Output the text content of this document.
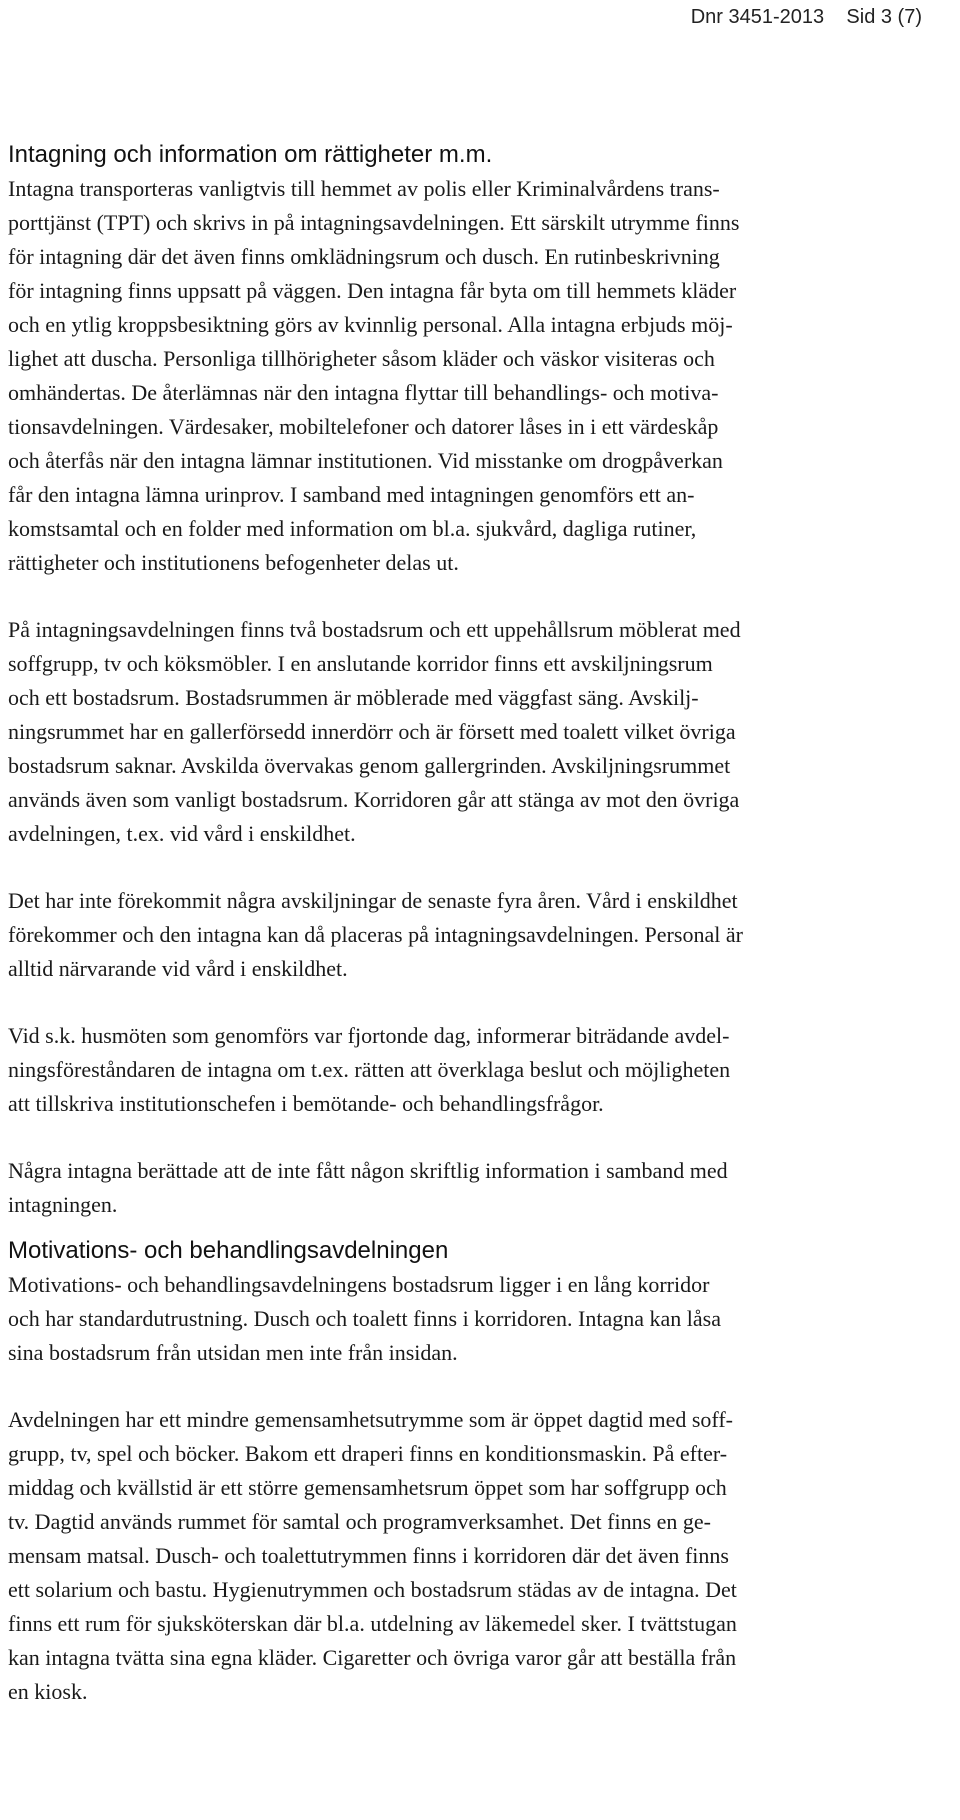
Dnr 3451-2013 Sid 3 (7)
Intagning och information om rättigheter m.m.

Intagna transporteras vanligtvis till hemmet av polis eller Kriminalvårdens trans-
porttjänst (TPT) och skrivs in på intagningsavdelningen. Ett särskilt utrymme finns
för intagning där det även finns omklädningsrum och dusch. En rutinbeskrivning
för intagning finns uppsatt på väggen. Den intagna får byta om till hemmets kläder
och en ytlig kroppsbesiktning görs av kvinnlig personal. Alla intagna erbjuds möj-
lighet att duscha. Personliga tillhörigheter såsom kläder och väskor visiteras och
omhändertas. De återlämnas när den intagna flyttar till behandlings- och motiva-
tionsavdelningen. Värdesaker, mobiltelefoner och datorer låses in i ett värdeskåp
och återfås när den intagna lämnar institutionen. Vid misstanke om drogpåverkan
får den intagna lämna urinprov. I samband med intagningen genomförs ett an-
komstsamtal och en folder med information om bl.a. sjukvård, dagliga rutiner,
rättigheter och institutionens befogenheter delas ut.

På intagningsavdelningen finns två bostadsrum och ett uppehållsrum möblerat med
soffgrupp, tv och köksmöbler. I en anslutande korridor finns ett avskiljningsrum
och ett bostadsrum. Bostadsrummen är möblerade med väggfast säng. Avskilj-
ningsrummet har en gallerförsedd innerdörr och är försett med toalett vilket övriga
bostadsrum saknar. Avskilda övervakas genom gallergrinden. Avskiljningsrummet
används även som vanligt bostadsrum. Korridoren går att stänga av mot den övriga
avdelningen, t.ex. vid vård i enskildhet.

Det har inte förekommit några avskiljningar de senaste fyra åren. Vård i enskildhet
förekommer och den intagna kan då placeras på intagningsavdelningen. Personal är
alltid närvarande vid vård i enskildhet.

Vid s.k. husmöten som genomförs var fjortonde dag, informerar biträdande avdel-
ningsföreståndaren de intagna om t.ex. rätten att överklaga beslut och möjligheten
att tillskriva institutionschefen i bemötande- och behandlingsfrågor.

Några intagna berättade att de inte fått någon skriftlig information i samband med
intagningen.

Motivations- och behandlingsavdelningen

Motivations- och behandlingsavdelningens bostadsrum ligger i en lång korridor
och har standardutrustning. Dusch och toalett finns i korridoren. Intagna kan låsa
sina bostadsrum från utsidan men inte från insidan.

Avdelningen har ett mindre gemensamhetsutrymme som är öppet dagtid med soff-
grupp, tv, spel och böcker. Bakom ett draperi finns en konditionsmaskin. På efter-
middag och kvällstid är ett större gemensamhetsrum öppet som har soffgrupp och
tv. Dagtid används rummet för samtal och programverksamhet. Det finns en ge-
mensam matsal. Dusch- och toalettutrymmen finns i korridoren där det även finns
ett solarium och bastu. Hygienutrymmen och bostadsrum städas av de intagna. Det
finns ett rum för sjuksköterskan där bl.a. utdelning av läkemedel sker. I tvättstugan
kan intagna tvätta sina egna kläder. Cigaretter och övriga varor går att beställa från
en kiosk.
